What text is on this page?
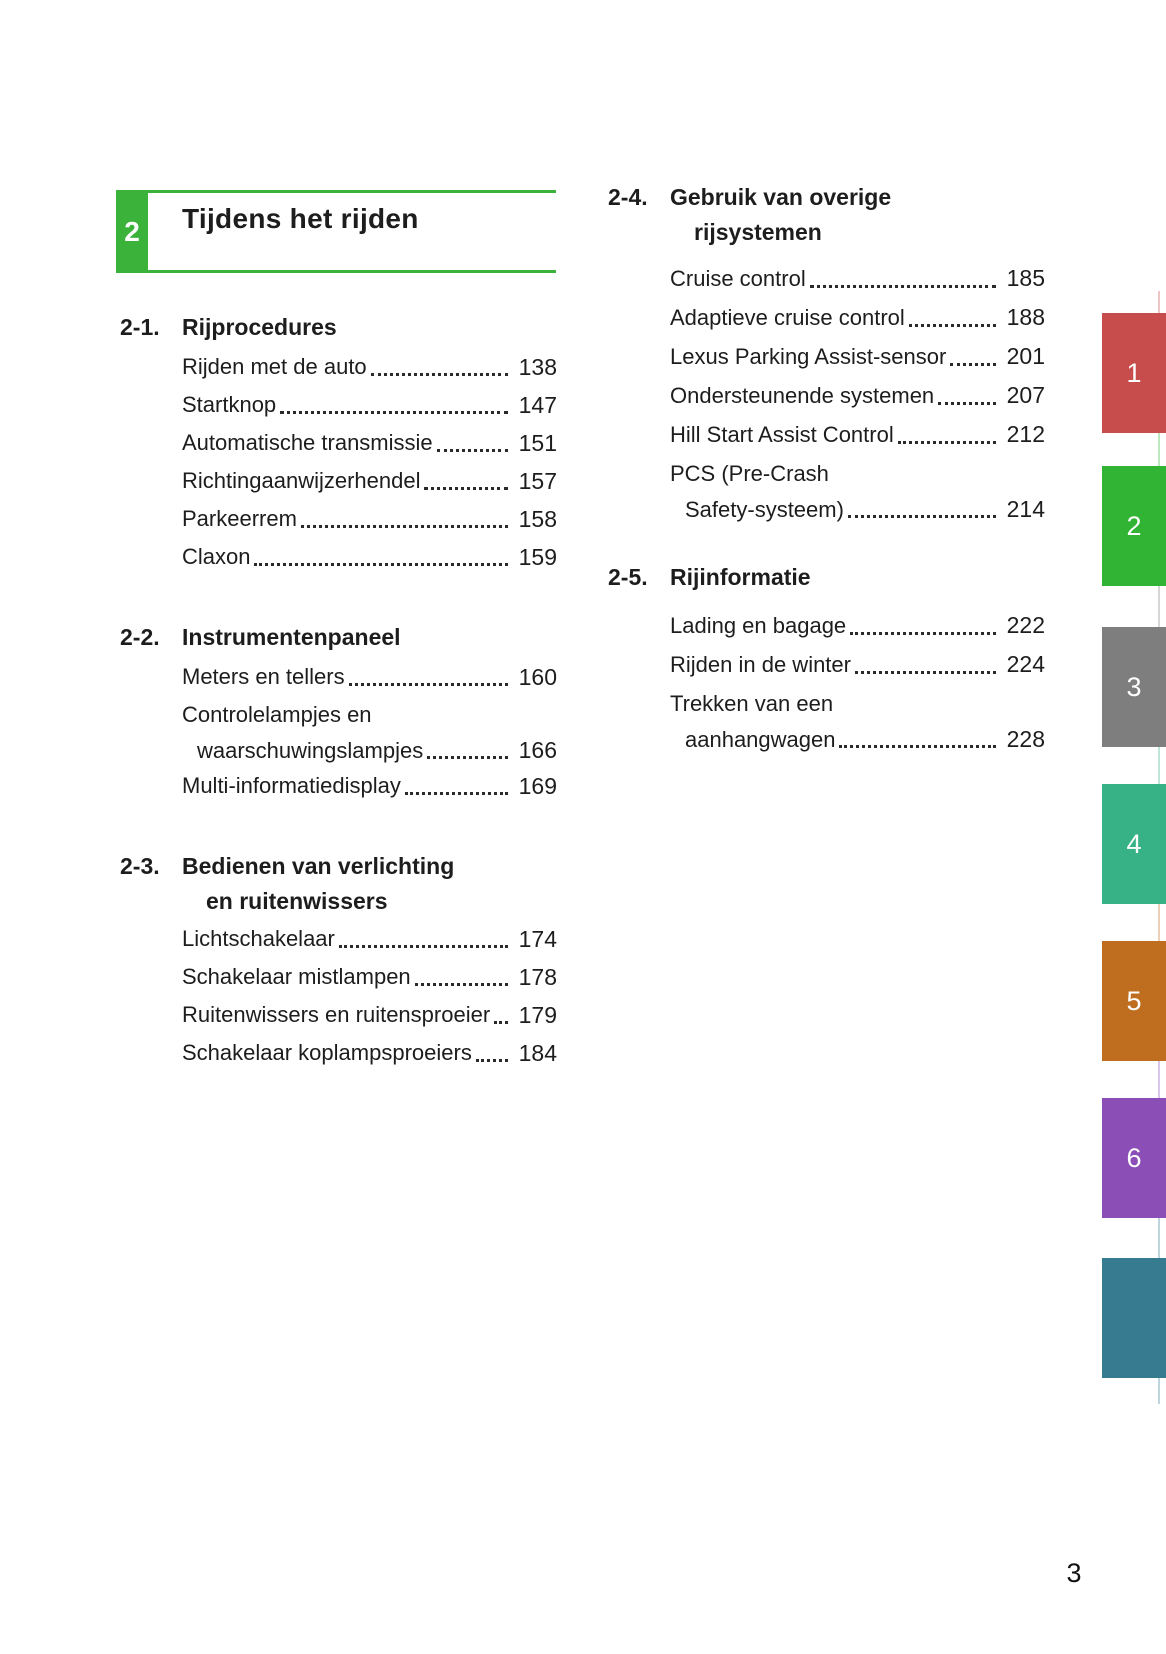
2 Tijdens het rijden
2-1. Rijprocedures
Rijden met de auto	138
Startknop	147
Automatische transmissie	151
Richtingaanwijzerhendel	157
Parkeerrem	158
Claxon	159
2-2. Instrumentenpaneel
Meters en tellers	160
Controlelampjes en
waarschuwingslampjes	166
Multi-informatiedisplay	169
2-3. Bedienen van verlichting
en ruitenwissers
Lichtschakelaar	174
Schakelaar mistlampen	178
Ruitenwissers en ruitensproeier 179
Schakelaar koplampsproeiers 184
2-4. Gebruik van overige
rijsystemen
Cruise control	185
Adaptieve cruise control	188
Lexus Parking Assist-sensor	201
Ondersteunende systemen	207
Hill Start Assist Control	212
PCS (Pre-Crash
Safety-systeem)	214
2-5. Rijinformatie
Lading en bagage	222
Rijden in de winter	224
Trekken van een
aanhangwagen	228
1
2
3
4
5
6
3
